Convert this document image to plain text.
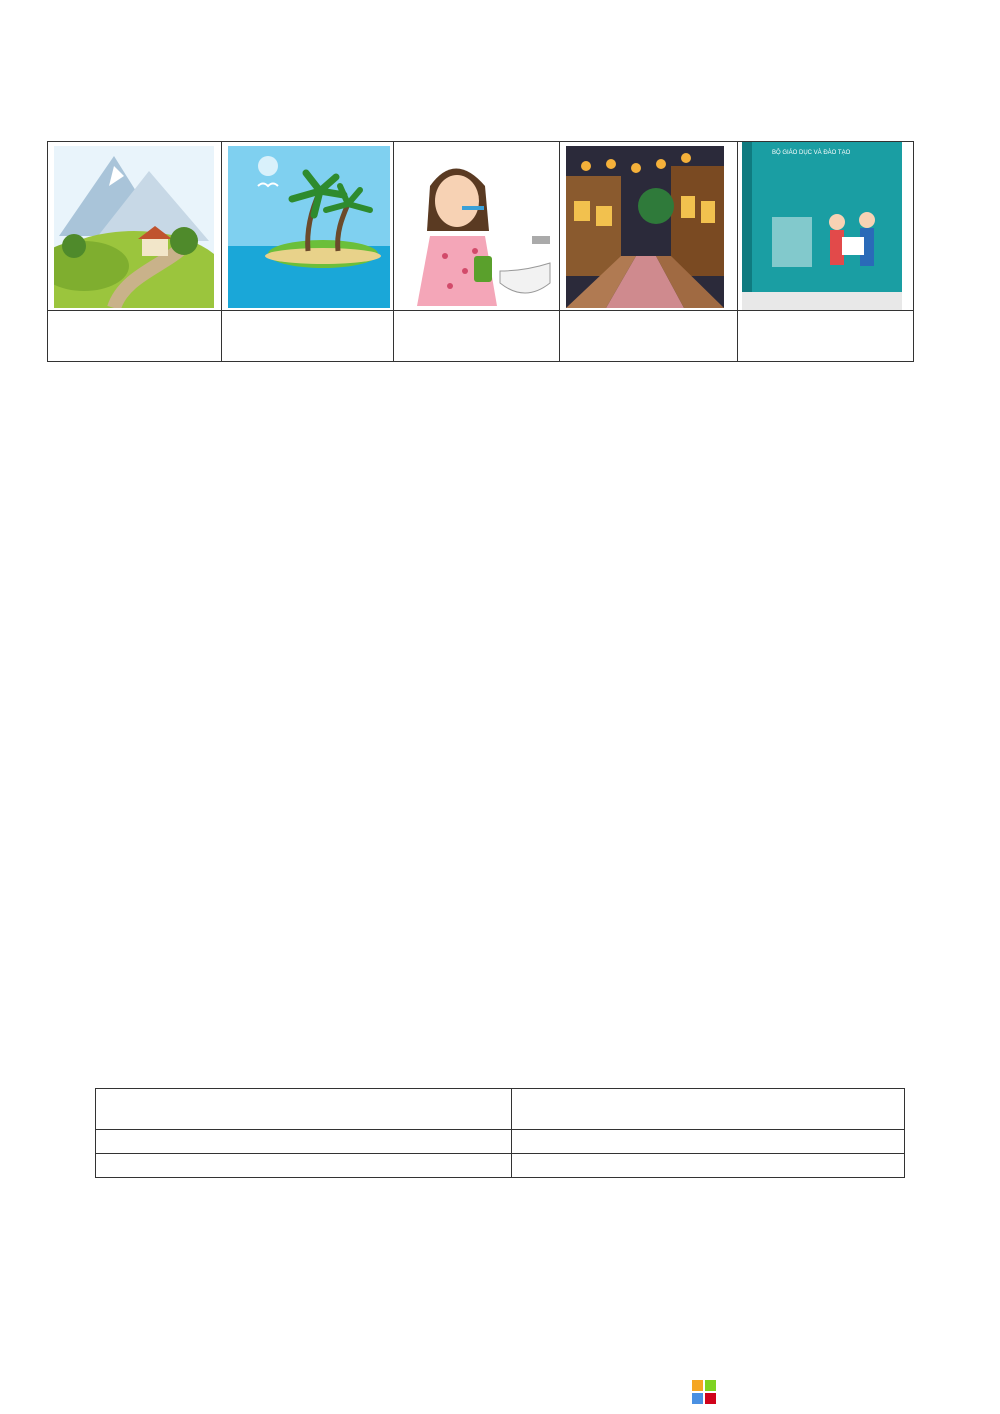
BỘ GIÁO DỤC VÀ ĐÀO TẠO
